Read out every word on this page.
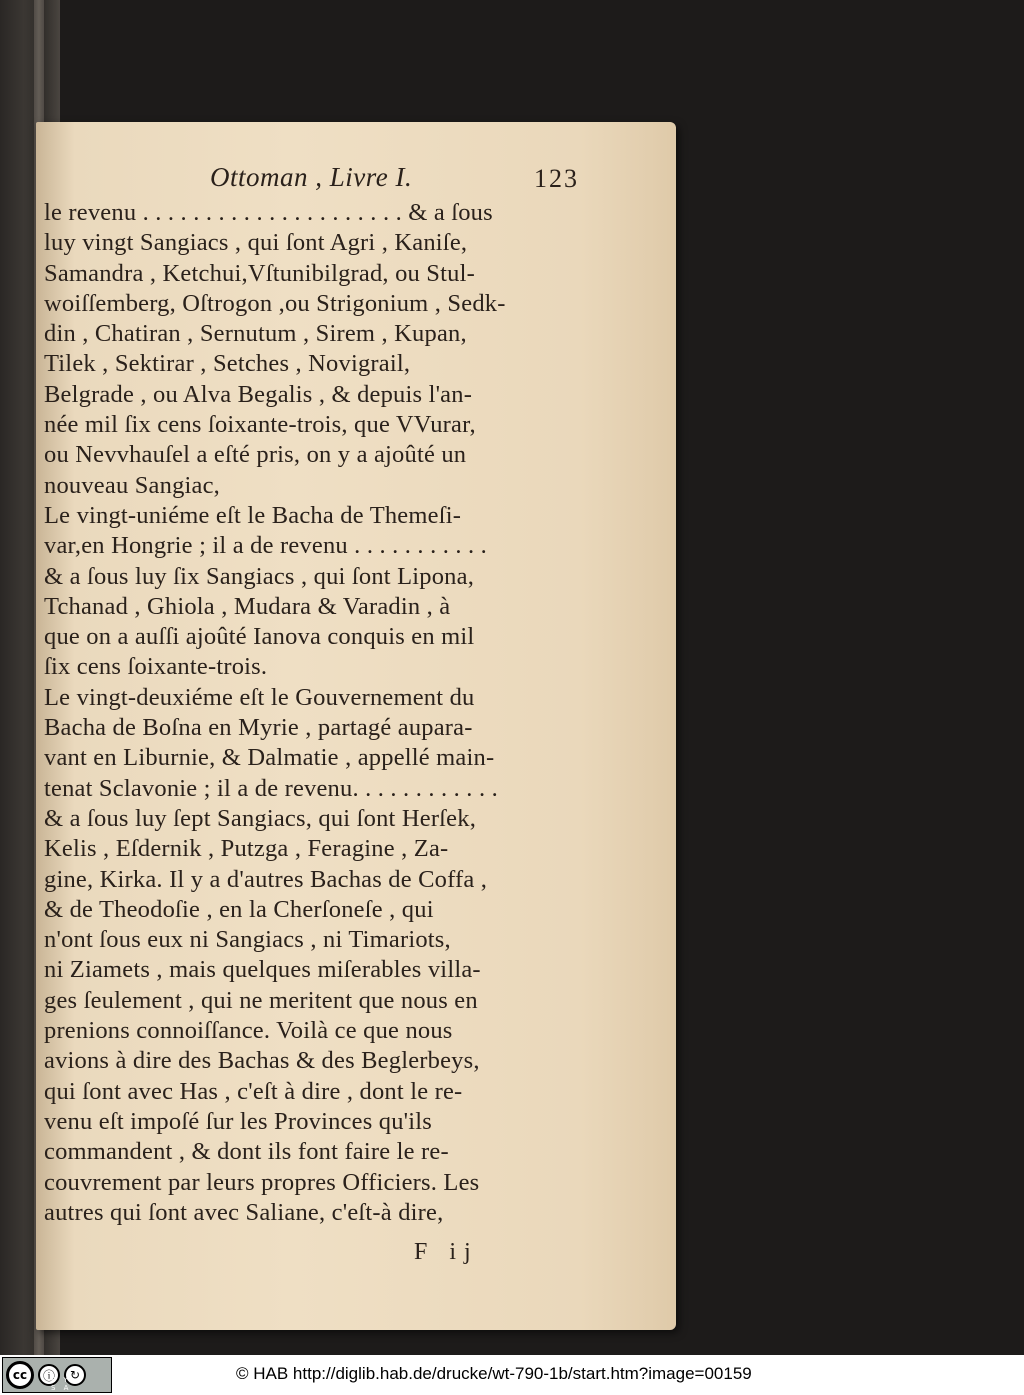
Ottoman , Livre I.	123
le revenu . . . . . . . . . . . . . . . . . . . . . & a ſous
luy vingt Sangiacs , qui ſont Agri , Kaniſe,
Samandra , Ketchui,Vſtunibilgrad, ou Stul-
woiſſemberg, Oſtrogon ,ou Strigonium , Sedk-
din , Chatiran , Sernutum , Sirem , Kupan,
Tilek , Sektirar , Setches , Novigrail,
Belgrade , ou Alva Begalis , & depuis l'an-
née mil ſix cens ſoixante-trois, que VVurar,
ou Nevvhauſel a eſté pris, on y a ajoûté un
nouveau Sangiac,
Le vingt-uniéme eſt le Bacha de Themeſi-
var,en Hongrie ; il a de revenu . . . . . . . . . . .
& a ſous luy ſix Sangiacs , qui ſont Lipona,
Tchanad , Ghiola , Mudara & Varadin , à
que on a auſſi ajoûté Ianova conquis en mil
ſix cens ſoixante-trois.
Le vingt-deuxiéme eſt le Gouvernement du
Bacha de Boſna en Myrie , partagé aupara-
vant en Liburnie, & Dalmatie , appellé main-
tenat Sclavonie ; il a de revenu. . . . . . . . . . . .
& a ſous luy ſept Sangiacs, qui ſont Herſek,
Kelis , Eſdernik , Putzga , Feragine , Za-
gine, Kirka. Il y a d'autres Bachas de Coffa ,
& de Theodoſie , en la Cherſoneſe , qui
n'ont ſous eux ni Sangiacs , ni Timariots,
ni Ziamets , mais quelques miſerables villa-
ges ſeulement , qui ne meritent que nous en
prenions connoiſſance. Voilà ce que nous
avions à dire des Bachas & des Beglerbeys,
qui ſont avec Has , c'eſt à dire , dont le re-
venu eſt impoſé ſur les Provinces qu'ils
commandent , & dont ils font faire le re-
couvrement par leurs propres Officiers. Les
autres qui ſont avec Saliane, c'eſt-à dire,
F ij
cc	ⓘ	↻
BY SA
© HAB http://diglib.hab.de/drucke/wt-790-1b/start.htm?image=00159
